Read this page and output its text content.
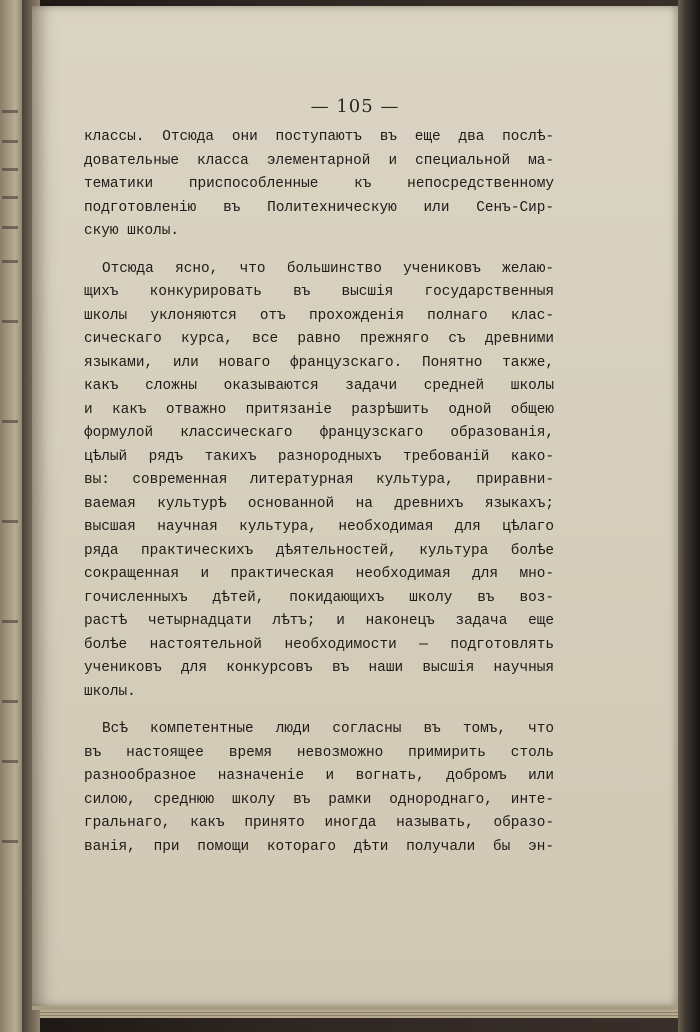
— 105 —
классы. Отсюда они поступаютъ въ еще два послѣ-
довательные класса элементарной и специальной ма-
тематики приспособленные къ непосредственному
подготовленію въ Политехническую или Сенъ-Сир-
скую школы.
Отсюда ясно, что большинство учениковъ желаю-
щихъ конкурировать въ высшія государственныя
школы уклоняются отъ прохожденія полнаго клас-
сическаго курса, все равно прежняго съ древними
языками, или новаго французскаго. Понятно также,
какъ сложны оказываются задачи средней школы
и какъ отважно притязаніе разрѣшить одной общею
формулой классическаго французскаго образованія,
цѣлый рядъ такихъ разнородныхъ требованій како-
вы: современная литературная культура, приравни-
ваемая культурѣ основанной на древнихъ языкахъ;
высшая научная культура, необходимая для цѣлаго
ряда практическихъ дѣятельностей, культура болѣе
сокращенная и практическая необходимая для мно-
гочисленныхъ дѣтей, покидающихъ школу въ воз-
растѣ четырнадцати лѣтъ; и наконецъ задача еще
болѣе настоятельной необходимости — подготовлять
учениковъ для конкурсовъ въ наши высшія научныя
школы.
Всѣ компетентные люди согласны въ томъ, что
въ настоящее время невозможно примирить столь
разнообразное назначеніе и вогнать, добромъ или
силою, среднюю школу въ рамки однороднаго, инте-
гральнаго, какъ принято иногда называть, образо-
ванія, при помощи котораго дѣти получали бы эн-
